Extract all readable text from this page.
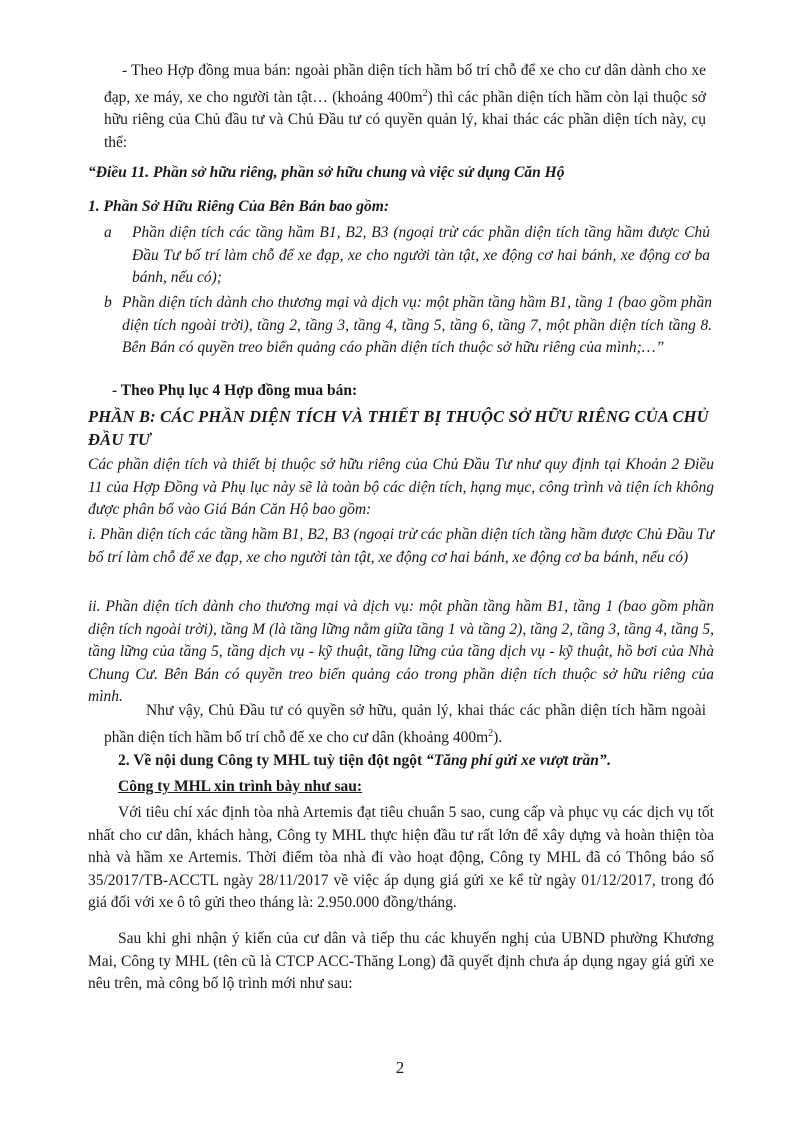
- Theo Hợp đồng mua bán: ngoài phần diện tích hầm bố trí chỗ để xe cho cư dân dành cho xe đạp, xe máy, xe cho người tàn tật… (khoảng $400m^2$) thì các phần diện tích hầm còn lại thuộc sở hữu riêng của Chủ đầu tư và Chủ Đầu tư có quyền quản lý, khai thác các phần diện tích này, cụ thể:

“Điều 11. Phần sở hữu riêng, phần sở hữu chung và việc sử dụng Căn Hộ

1. Phần Sở Hữu Riêng Của Bên Bán bao gồm:

a Phần diện tích các tầng hầm B1, B2, B3 (ngoại trừ các phần diện tích tầng hầm được Chủ Đầu Tư bố trí làm chỗ để xe đạp, xe cho người tàn tật, xe động cơ hai bánh, xe động cơ ba bánh, nếu có);

b Phần diện tích dành cho thương mại và dịch vụ: một phần tầng hầm B1, tầng 1 (bao gồm phần diện tích ngoài trời), tầng 2, tầng 3, tầng 4, tầng 5, tầng 6, tầng 7, một phần diện tích tầng 8. Bên Bán có quyền treo biển quảng cáo phần diện tích thuộc sở hữu riêng của mình;…”

- Theo Phụ lục 4 Hợp đồng mua bán:

PHẦN B: CÁC PHẦN DIỆN TÍCH VÀ THIẾT BỊ THUỘC SỞ HỮU RIÊNG CỦA CHỦ ĐẦU TƯ

Các phần diện tích và thiết bị thuộc sở hữu riêng của Chủ Đầu Tư như quy định tại Khoản 2 Điều 11 của Hợp Đồng và Phụ lục này sẽ là toàn bộ các diện tích, hạng mục, công trình và tiện ích không được phân bổ vào Giá Bán Căn Hộ bao gồm:

i. Phần diện tích các tầng hầm B1, B2, B3 (ngoại trừ các phần diện tích tầng hầm được Chủ Đầu Tư bố trí làm chỗ để xe đạp, xe cho người tàn tật, xe động cơ hai bánh, xe động cơ ba bánh, nếu có)

ii. Phần diện tích dành cho thương mại và dịch vụ: một phần tầng hầm B1, tầng 1 (bao gồm phần diện tích ngoài trời), tầng M (là tầng lững nằm giữa tầng 1 và tầng 2), tầng 2, tầng 3, tầng 4, tầng 5, tầng lững của tầng 5, tầng dịch vụ - kỹ thuật, tầng lững của tầng dịch vụ - kỹ thuật, hồ bơi của Nhà Chung Cư. Bên Bán có quyền treo biển quảng cáo trong phần diện tích thuộc sở hữu riêng của mình.

Như vậy, Chủ Đầu tư có quyền sở hữu, quản lý, khai thác các phần diện tích hầm ngoài phần diện tích hầm bố trí chỗ để xe cho cư dân (khoảng $400m^2$).

2. Về nội dung Công ty MHL tuỳ tiện đột ngột “Tăng phí gửi xe vượt trần”.

Công ty MHL xin trình bày như sau:

Với tiêu chí xác định tòa nhà Artemis đạt tiêu chuẩn 5 sao, cung cấp và phục vụ các dịch vụ tốt nhất cho cư dân, khách hàng, Công ty MHL thực hiện đầu tư rất lớn để xây dựng và hoàn thiện tòa nhà và hầm xe Artemis. Thời điểm tòa nhà đi vào hoạt động, Công ty MHL đã có Thông báo số 35/2017/TB-ACCTL ngày 28/11/2017 về việc áp dụng giá gửi xe kể từ ngày 01/12/2017, trong đó giá đối với xe ô tô gửi theo tháng là: 2.950.000 đồng/tháng.

Sau khi ghi nhận ý kiến của cư dân và tiếp thu các khuyến nghị của UBND phường Khương Mai, Công ty MHL (tên cũ là CTCP ACC-Thăng Long) đã quyết định chưa áp dụng ngay giá gửi xe nêu trên, mà công bố lộ trình mới như sau:

2
